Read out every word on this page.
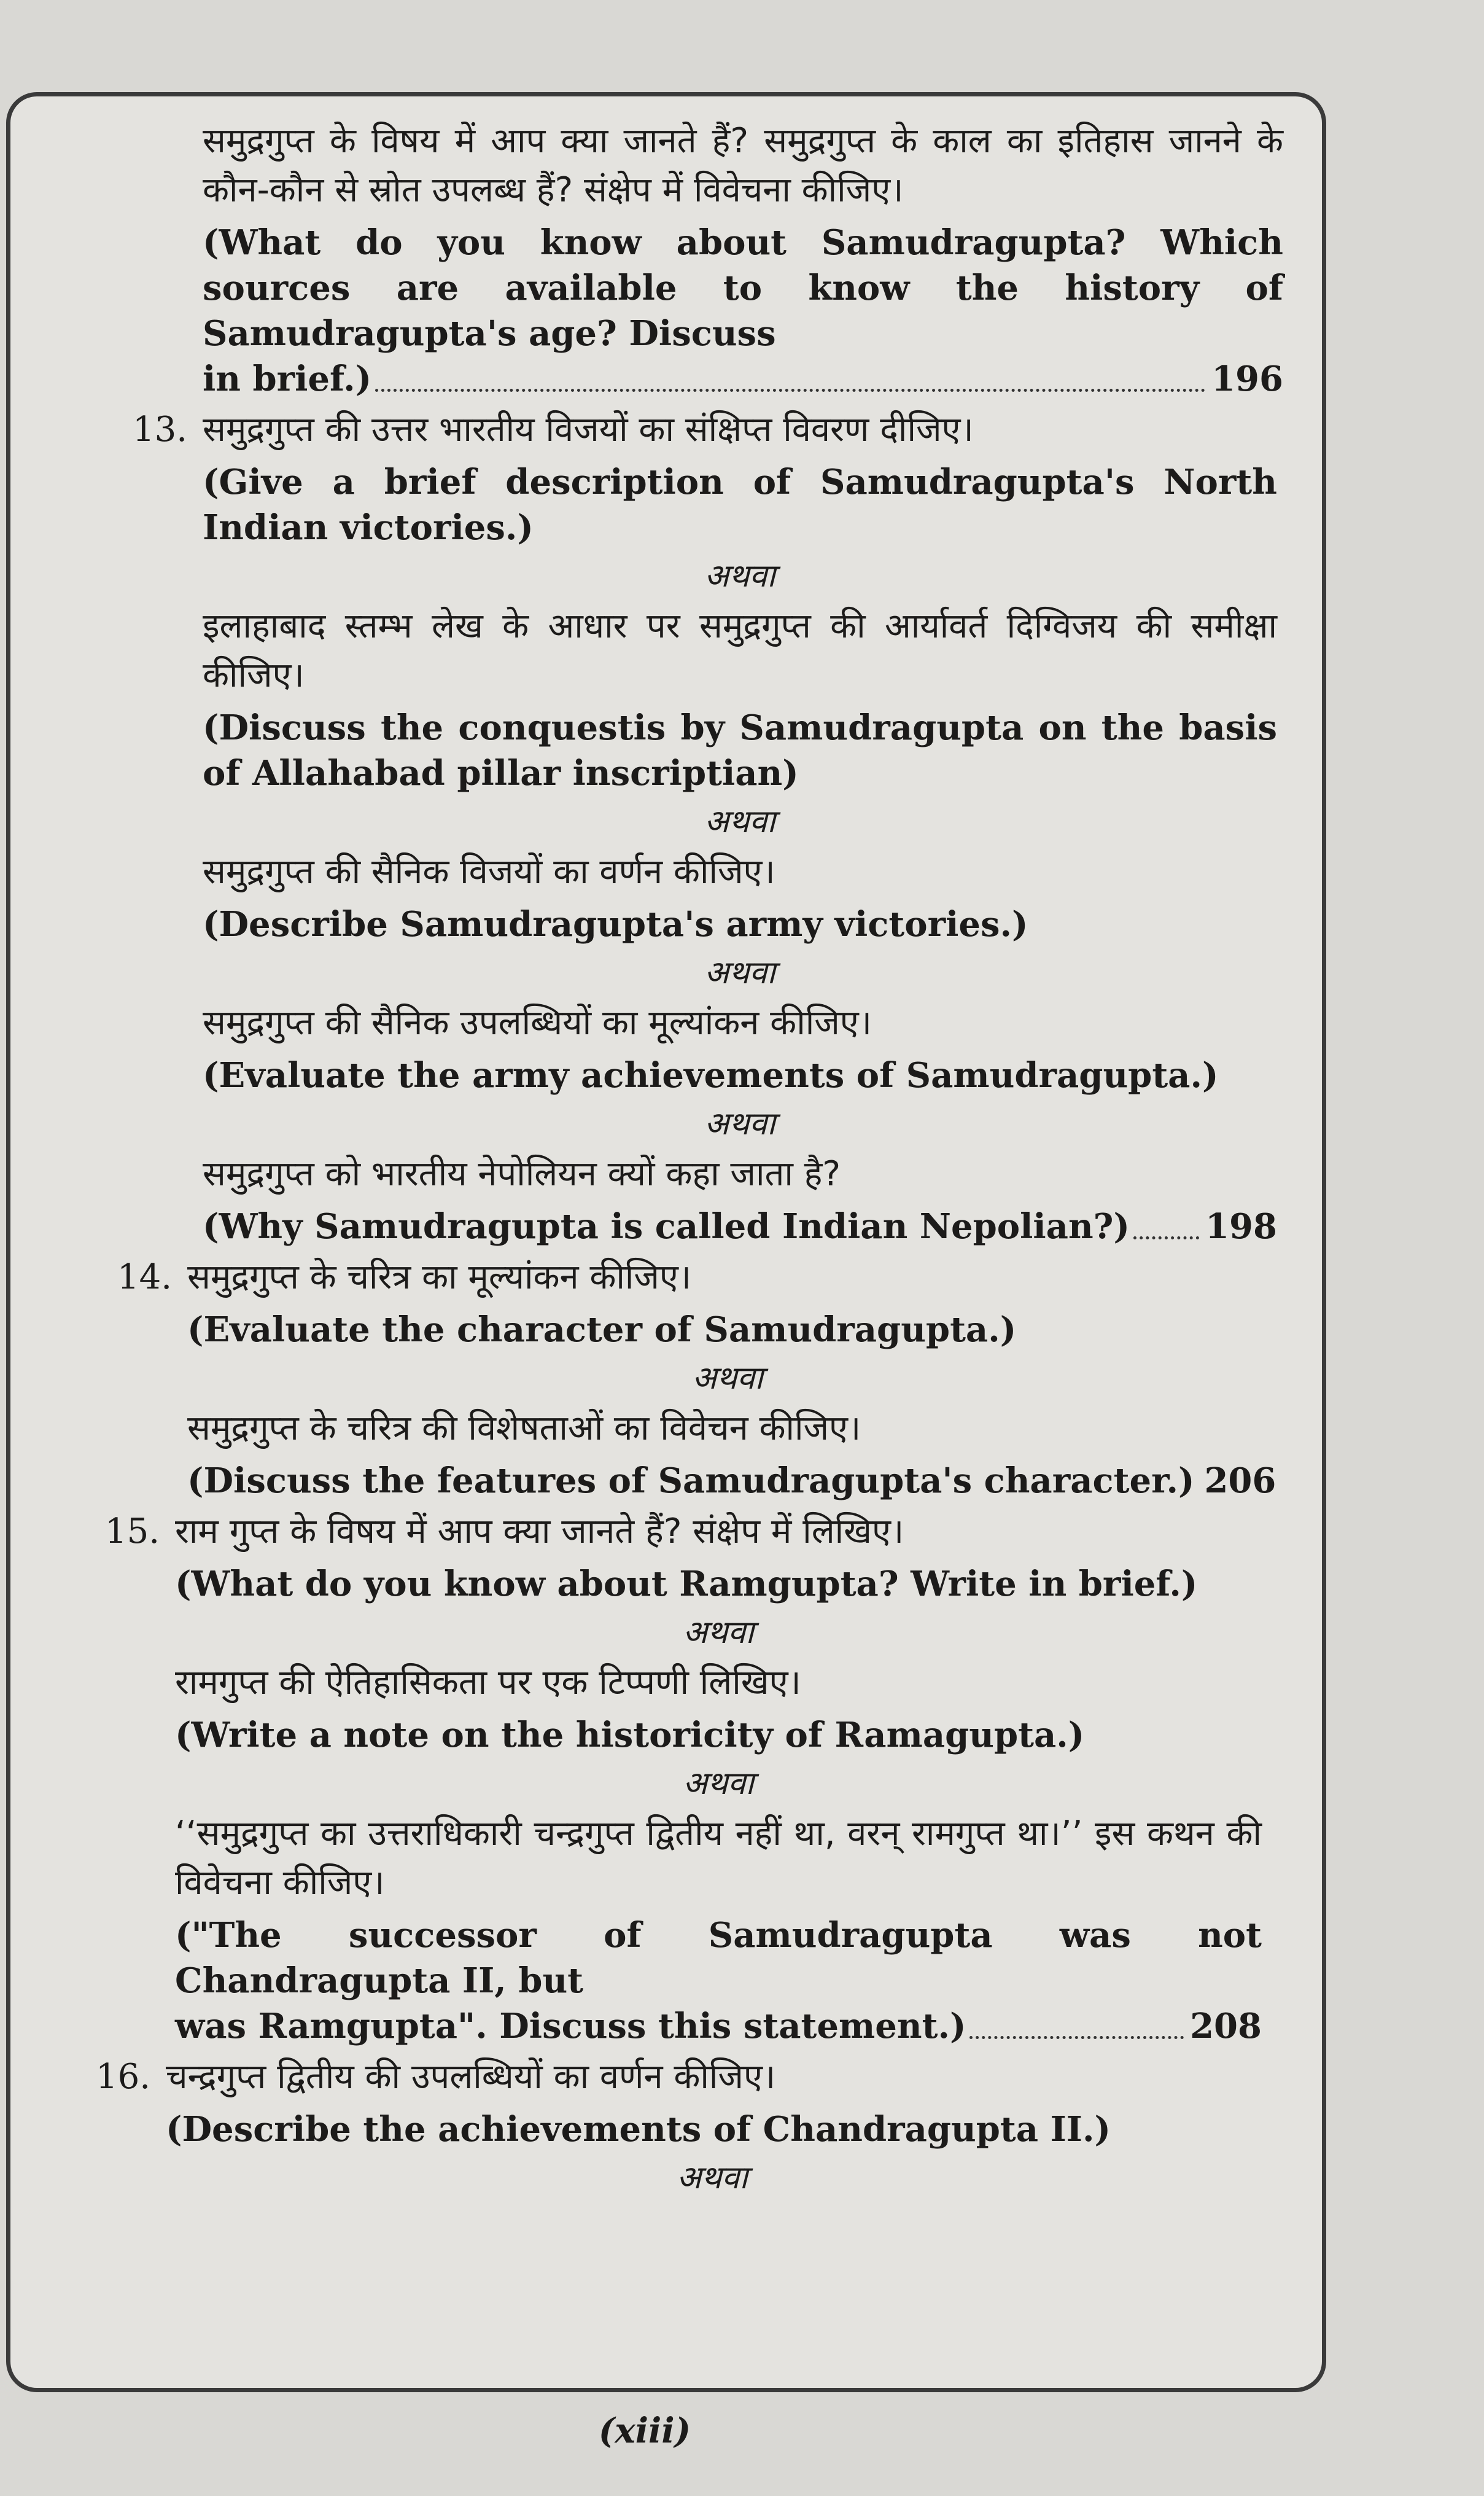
समुद्रगुप्त के विषय में आप क्या जानते हैं? समुद्रगुप्त के काल का इतिहास जानने के कौन-कौन से स्रोत उपलब्ध हैं? संक्षेप में विवेचना कीजिए।

(What do you know about Samudragupta? Which sources are available to know the history of Samudragupta's age? Discuss

in brief.)	196
13. समुद्रगुप्त की उत्तर भारतीय विजयों का संक्षिप्त विवरण दीजिए।

(Give a brief description of Samudragupta's North Indian victories.)

अथवा

इलाहाबाद स्तम्भ लेख के आधार पर समुद्रगुप्त की आर्यावर्त दिग्विजय की समीक्षा कीजिए।

(Discuss the conquestis by Samudragupta on the basis of Allahabad pillar inscriptian)

अथवा

समुद्रगुप्त की सैनिक विजयों का वर्णन कीजिए।

(Describe Samudragupta's army victories.)

अथवा

समुद्रगुप्त की सैनिक उपलब्धियों का मूल्यांकन कीजिए।

(Evaluate the army achievements of Samudragupta.)

अथवा

समुद्रगुप्त को भारतीय नेपोलियन क्यों कहा जाता है?

(Why Samudragupta is called Indian Nepolian?) 198
14. समुद्रगुप्त के चरित्र का मूल्यांकन कीजिए।

(Evaluate the character of Samudragupta.)

अथवा

समुद्रगुप्त के चरित्र की विशेषताओं का विवेचन कीजिए।

(Discuss the features of Samudragupta's character.) 206
15. राम गुप्त के विषय में आप क्या जानते हैं? संक्षेप में लिखिए।

(What do you know about Ramgupta? Write in brief.)

अथवा

रामगुप्त की ऐतिहासिकता पर एक टिप्पणी लिखिए।

(Write a note on the historicity of Ramagupta.)

अथवा

‘‘समुद्रगुप्त का उत्तराधिकारी चन्द्रगुप्त द्वितीय नहीं था, वरन् रामगुप्त था।’’ इस कथन की विवेचना कीजिए।

("The successor of Samudragupta was not Chandragupta II, but

was Ramgupta". Discuss this statement.)	208
16. चन्द्रगुप्त द्वितीय की उपलब्धियों का वर्णन कीजिए।

(Describe the achievements of Chandragupta II.)

अथवा

(xiii)
